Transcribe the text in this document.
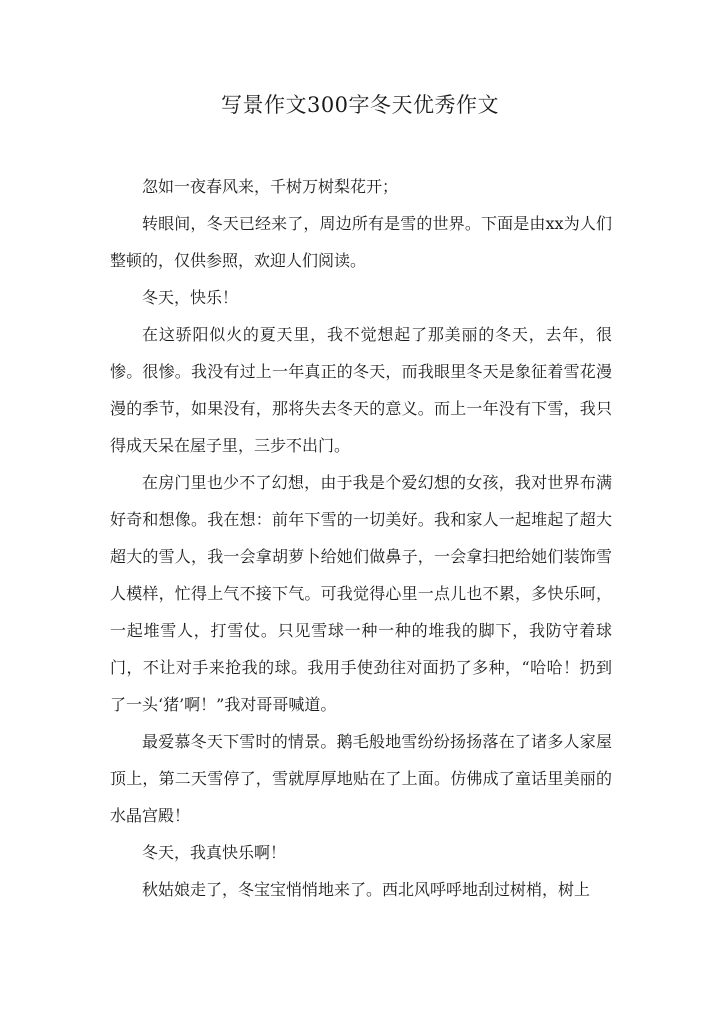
写景作文300字冬天优秀作文

忽如一夜春风来，千树万树梨花开；

转眼间，冬天已经来了，周边所有是雪的世界。下面是由xx为人们整顿的，仅供参照，欢迎人们阅读。

冬天，快乐！

在这骄阳似火的夏天里，我不觉想起了那美丽的冬天，去年，很惨。很惨。我没有过上一年真正的冬天，而我眼里冬天是象征着雪花漫漫的季节，如果没有，那将失去冬天的意义。而上一年没有下雪，我只得成天呆在屋子里，三步不出门。

在房门里也少不了幻想，由于我是个爱幻想的女孩，我对世界布满好奇和想像。我在想：前年下雪的一切美好。我和家人一起堆起了超大超大的雪人，我一会拿胡萝卜给她们做鼻子，一会拿扫把给她们装饰雪人模样，忙得上气不接下气。可我觉得心里一点儿也不累，多快乐呵，一起堆雪人，打雪仗。只见雪球一种一种的堆我的脚下，我防守着球门，不让对手来抢我的球。我用手使劲往对面扔了多种，“哈哈！扔到了一头‘猪’啊！”我对哥哥喊道。

最爱慕冬天下雪时的情景。鹅毛般地雪纷纷扬扬落在了诸多人家屋顶上，第二天雪停了，雪就厚厚地贴在了上面。仿佛成了童话里美丽的水晶宫殿！

冬天，我真快乐啊！

秋姑娘走了，冬宝宝悄悄地来了。西北风呼呼地刮过树梢，树上
